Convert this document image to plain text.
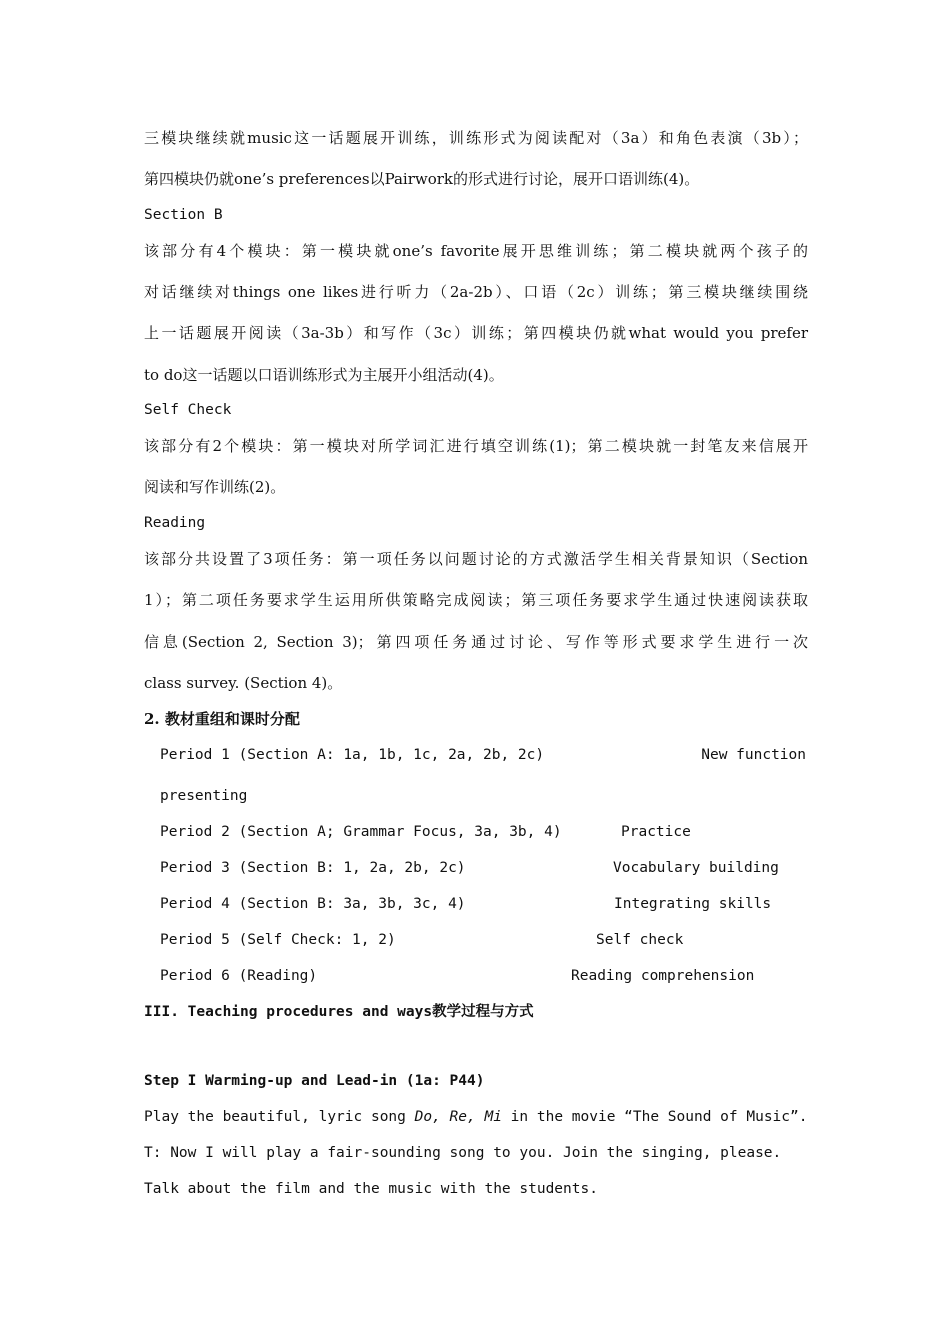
三模块继续就music这一话题展开训练，训练形式为阅读配对（3a）和角色表演（3b）；
第四模块仍就one’s preferences以Pairwork的形式进行讨论，展开口语训练(4)。
Section B
该部分有4个模块：第一模块就one’s favorite展开思维训练；第二模块就两个孩子的
对话继续对things one likes进行听力（2a-2b）、口语（2c）训练；第三模块继续围绕
上一话题展开阅读（3a-3b）和写作（3c）训练；第四模块仍就what would you prefer
to do这一话题以口语训练形式为主展开小组活动(4)。
Self Check
该部分有2个模块：第一模块对所学词汇进行填空训练(1)；第二模块就一封笔友来信展开
阅读和写作训练(2)。
Reading
该部分共设置了3项任务：第一项任务以问题讨论的方式激活学生相关背景知识（Section
1）；第二项任务要求学生运用所供策略完成阅读；第三项任务要求学生通过快速阅读获取
信息(Section 2, Section 3)；第四项任务通过讨论、写作等形式要求学生进行一次
class survey. (Section 4)。
2. 教材重组和课时分配
Period 1 (Section A: 1a, 1b, 1c, 2a, 2b, 2c)	New function
presenting
Period 2 (Section A; Grammar Focus, 3a, 3b, 4)	Practice
Period 3 (Section B: 1, 2a, 2b, 2c)	Vocabulary building
Period 4 (Section B: 3a, 3b, 3c, 4)	Integrating skills
Period 5 (Self Check: 1, 2)	Self check
Period 6 (Reading)	Reading comprehension
III. Teaching procedures and ways教学过程与方式
Step I Warming-up and Lead-in (1a: P44)
Play the beautiful, lyric song Do, Re, Mi in the movie “The Sound of Music”.
T: Now I will play a fair-sounding song to you. Join the singing, please.
Talk about the film and the music with the students.
